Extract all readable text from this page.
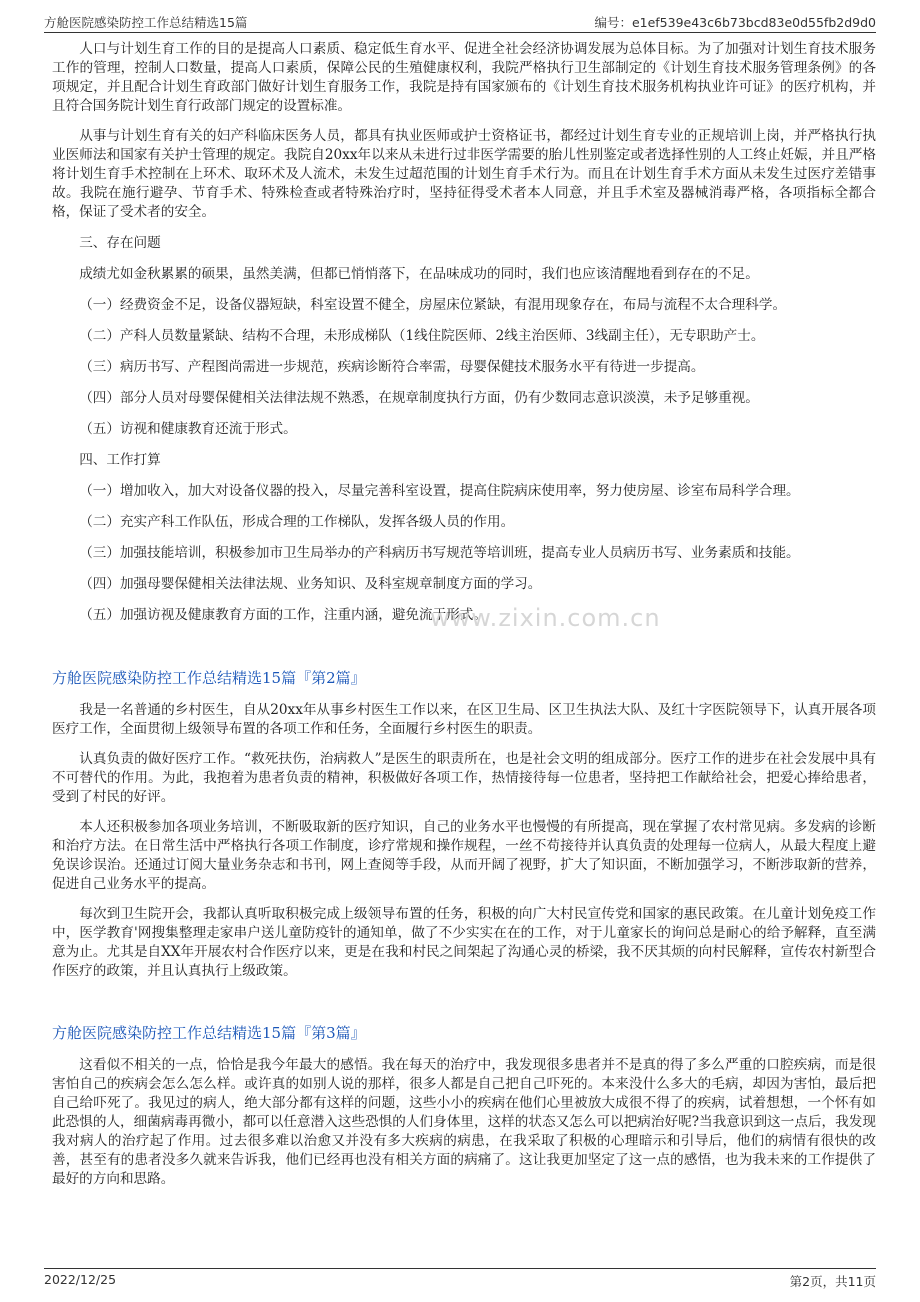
方舱医院感染防控工作总结精选15篇	编号：e1ef539e43c6b73bcd83e0d55fb2d9d0

人口与计划生育工作的目的是提高人口素质、稳定低生育水平、促进全社会经济协调发展为总体目标。为了加强对计划生育技术服务工作的管理，控制人口数量，提高人口素质，保障公民的生殖健康权利，我院严格执行卫生部制定的《计划生育技术服务管理条例》的各项规定，并且配合计划生育政部门做好计划生育服务工作，我院是持有国家颁布的《计划生育技术服务机构执业许可证》的医疗机构，并且符合国务院计划生育行政部门规定的设置标准。

从事与计划生育有关的妇产科临床医务人员，都具有执业医师或护士资格证书，都经过计划生育专业的正规培训上岗，并严格执行执业医师法和国家有关护士管理的规定。我院自20xx年以来从未进行过非医学需要的胎儿性别鉴定或者选择性别的人工终止妊娠，并且严格将计划生育手术控制在上环术、取环术及人流术，未发生过超范围的计划生育手术行为。而且在计划生育手术方面从未发生过医疗差错事故。我院在施行避孕、节育手术、特殊检查或者特殊治疗时，坚持征得受术者本人同意，并且手术室及器械消毒严格，各项指标全都合格，保证了受术者的安全。

三、存在问题

成绩尤如金秋累累的硕果，虽然美满，但都已悄悄落下，在品味成功的同时，我们也应该清醒地看到存在的不足。

（一）经费资金不足，设备仪器短缺，科室设置不健全，房屋床位紧缺，有混用现象存在，布局与流程不太合理科学。

（二）产科人员数量紧缺、结构不合理，未形成梯队（1线住院医师、2线主治医师、3线副主任），无专职助产士。

（三）病历书写、产程图尚需进一步规范，疾病诊断符合率需，母婴保健技术服务水平有待进一步提高。

（四）部分人员对母婴保健相关法律法规不熟悉，在规章制度执行方面，仍有少数同志意识淡漠，未予足够重视。

（五）访视和健康教育还流于形式。

四、工作打算

（一）增加收入，加大对设备仪器的投入，尽量完善科室设置，提高住院病床使用率，努力使房屋、诊室布局科学合理。

（二）充实产科工作队伍，形成合理的工作梯队，发挥各级人员的作用。

（三）加强技能培训，积极参加市卫生局举办的产科病历书写规范等培训班，提高专业人员病历书写、业务素质和技能。

（四）加强母婴保健相关法律法规、业务知识、及科室规章制度方面的学习。

（五）加强访视及健康教育方面的工作，注重内涵，避免流于形式。

方舱医院感染防控工作总结精选15篇『第2篇』

我是一名普通的乡村医生，自从20xx年从事乡村医生工作以来，在区卫生局、区卫生执法大队、及红十字医院领导下，认真开展各项医疗工作，全面贯彻上级领导布置的各项工作和任务，全面履行乡村医生的职责。

认真负责的做好医疗工作。“救死扶伤，治病救人”是医生的职责所在，也是社会文明的组成部分。医疗工作的进步在社会发展中具有不可替代的作用。为此，我抱着为患者负责的精神，积极做好各项工作，热情接待每一位患者，坚持把工作献给社会，把爱心捧给患者，受到了村民的好评。

本人还积极参加各项业务培训，不断吸取新的医疗知识，自己的业务水平也慢慢的有所提高，现在掌握了农村常见病。多发病的诊断和治疗方法。在日常生活中严格执行各项工作制度，诊疗常规和操作规程，一丝不苟接待并认真负责的处理每一位病人，从最大程度上避免误诊误治。还通过订阅大量业务杂志和书刊，网上查阅等手段，从而开阔了视野，扩大了知识面，不断加强学习，不断涉取新的营养，促进自己业务水平的提高。

每次到卫生院开会，我都认真听取积极完成上级领导布置的任务，积极的向广大村民宣传党和国家的惠民政策。在儿童计划免疫工作中，医学教育'网搜集整理走家串户送儿童防疫针的通知单，做了不少实实在在的工作，对于儿童家长的询问总是耐心的给予解释，直至满意为止。尤其是自XX年开展农村合作医疗以来，更是在我和村民之间架起了沟通心灵的桥梁，我不厌其烦的向村民解释，宣传农村新型合作医疗的政策，并且认真执行上级政策。

方舱医院感染防控工作总结精选15篇『第3篇』

这看似不相关的一点，恰恰是我今年最大的感悟。我在每天的治疗中，我发现很多患者并不是真的得了多么严重的口腔疾病，而是很害怕自己的疾病会怎么怎么样。或许真的如别人说的那样，很多人都是自己把自己吓死的。本来没什么多大的毛病，却因为害怕，最后把自己给吓死了。我见过的病人，绝大部分都有这样的问题，这些小小的疾病在他们心里被放大成很不得了的疾病，试着想想，一个怀有如此恐惧的人，细菌病毒再微小，都可以任意潜入这些恐惧的人们身体里，这样的状态又怎么可以把病治好呢?当我意识到这一点后，我发现我对病人的治疗起了作用。过去很多难以治愈又并没有多大疾病的病患，在我采取了积极的心理暗示和引导后，他们的病情有很快的改善，甚至有的患者没多久就来告诉我，他们已经再也没有相关方面的病痛了。这让我更加坚定了这一点的感悟，也为我未来的工作提供了最好的方向和思路。

www.zixin.com.cn
2022/12/25	第2页，共11页
